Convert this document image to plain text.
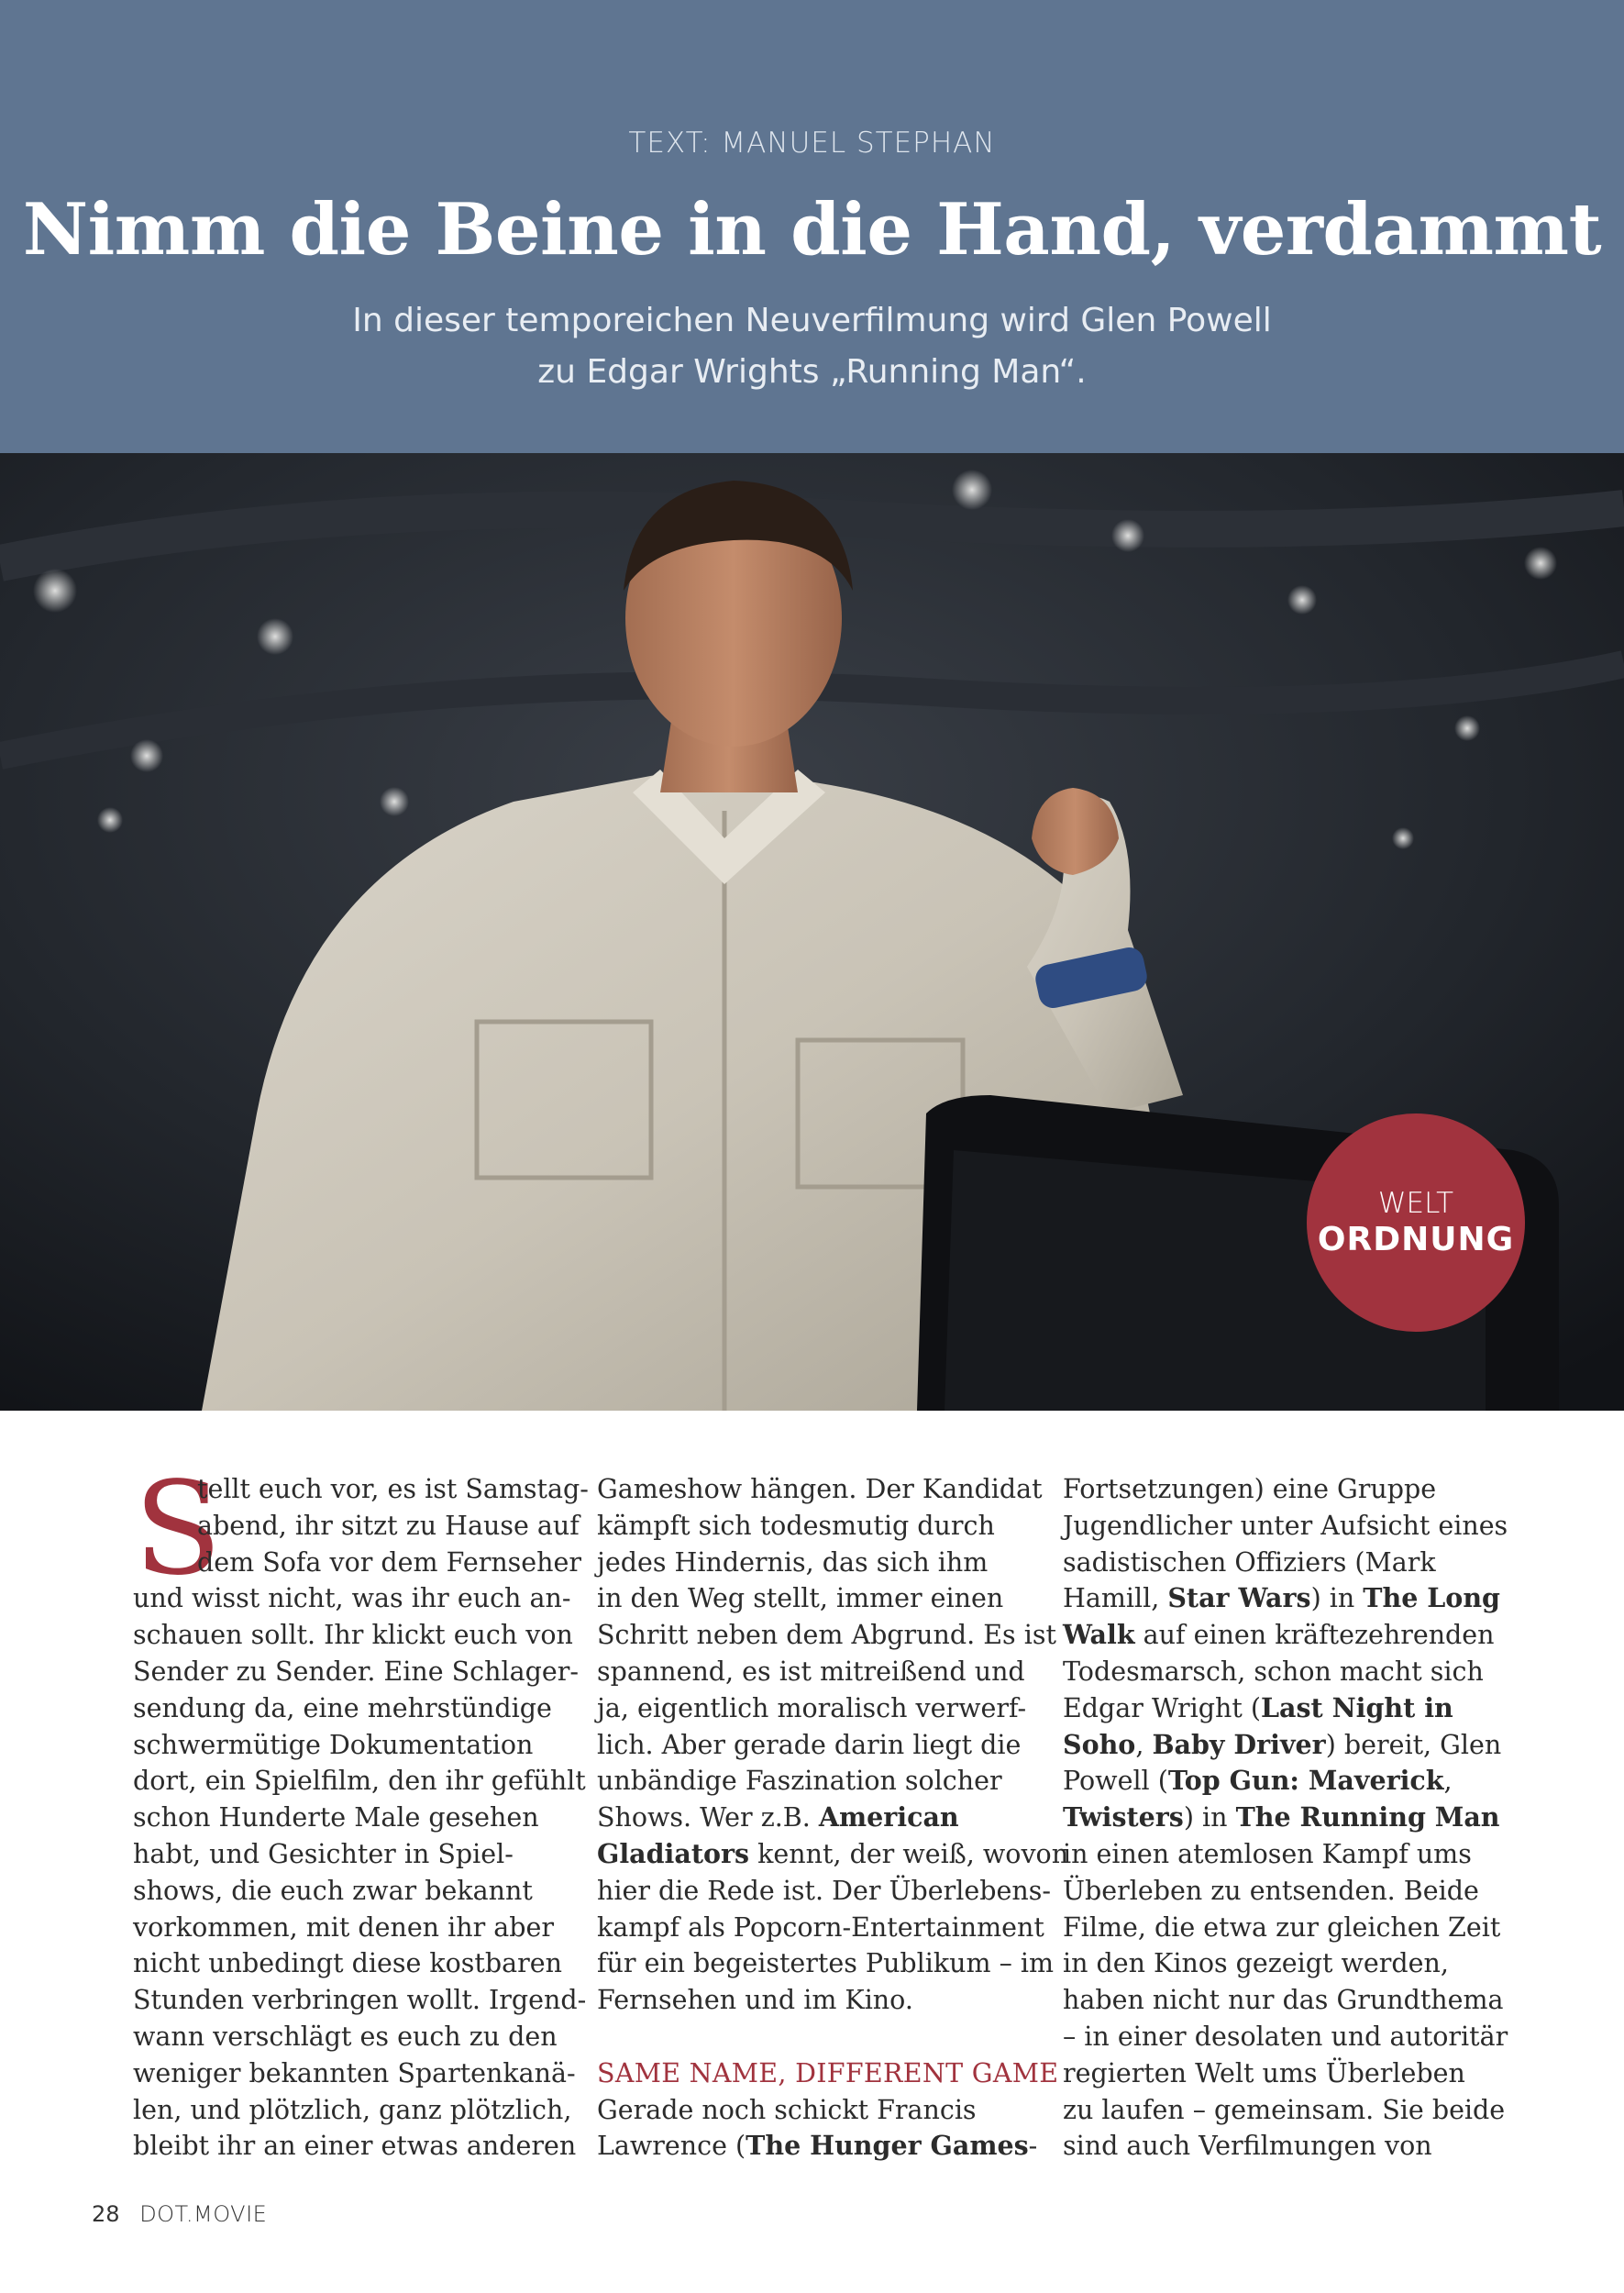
TEXT: MANUEL STEPHAN
Nimm die Beine in die Hand, verdammt
In dieser temporeichen Neuverfilmung wird Glen Powell
zu Edgar Wrights „Running Man“.
WELT
ORDNUNG
S
tellt euch vor, es ist Samstag-
abend, ihr sitzt zu Hause auf
dem Sofa vor dem Fernseher
und wisst nicht, was ihr euch an-
schauen sollt. Ihr klickt euch von
Sender zu Sender. Eine Schlager-
sendung da, eine mehrstündige
schwermütige Dokumentation
dort, ein Spielfilm, den ihr gefühlt
schon Hunderte Male gesehen
habt, und Gesichter in Spiel-
shows, die euch zwar bekannt
vorkommen, mit denen ihr aber
nicht unbedingt diese kostbaren
Stunden verbringen wollt. Irgend-
wann verschlägt es euch zu den
weniger bekannten Spartenkanä-
len, und plötzlich, ganz plötzlich,
bleibt ihr an einer etwas anderen
Gameshow hängen. Der Kandidat
kämpft sich todesmutig durch
jedes Hindernis, das sich ihm
in den Weg stellt, immer einen
Schritt neben dem Abgrund. Es ist
spannend, es ist mitreißend und
ja, eigentlich moralisch verwerf-
lich. Aber gerade darin liegt die
unbändige Faszination solcher
Shows. Wer z.B. American
Gladiators kennt, der weiß, wovon
hier die Rede ist. Der Überlebens-
kampf als Popcorn-Entertainment
für ein begeistertes Publikum – im
Fernsehen und im Kino.
SAME NAME, DIFFERENT GAME
Gerade noch schickt Francis
Lawrence (The Hunger Games-
Fortsetzungen) eine Gruppe
Jugendlicher unter Aufsicht eines
sadistischen Offiziers (Mark
Hamill, Star Wars) in The Long
Walk auf einen kräftezehrenden
Todesmarsch, schon macht sich
Edgar Wright (Last Night in
Soho, Baby Driver) bereit, Glen
Powell (Top Gun: Maverick,
Twisters) in The Running Man
in einen atemlosen Kampf ums
Überleben zu entsenden. Beide
Filme, die etwa zur gleichen Zeit
in den Kinos gezeigt werden,
haben nicht nur das Grundthema
– in einer desolaten und autoritär
regierten Welt ums Überleben
zu laufen – gemeinsam. Sie beide
sind auch Verfilmungen von
28 DOT.MOVIE
